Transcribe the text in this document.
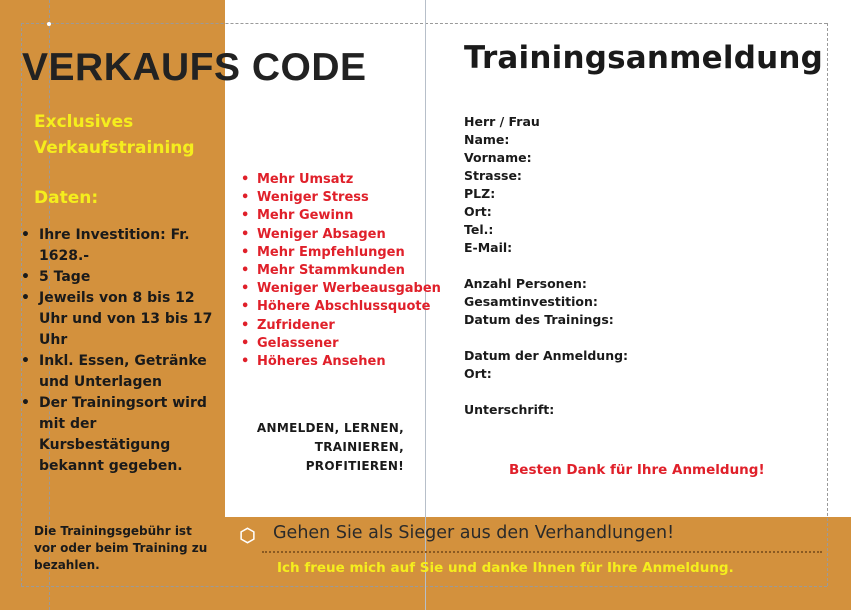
VERKAUFS CODE
Exclusives
Verkaufstraining
Daten:
• Ihre Investition: Fr. 1628.-
• 5 Tage
• Jeweils von 8 bis 12 Uhr und von 13 bis 17 Uhr
• Inkl. Essen, Getränke und Unterlagen
• Der Trainingsort wird mit der Kursbestätigung bekannt gegeben.

Die Trainingsgebühr ist vor oder beim Training zu bezahlen.

• Mehr Umsatz
• Weniger Stress
• Mehr Gewinn
• Weniger Absagen
• Mehr Empfehlungen
• Mehr Stammkunden
• Weniger Werbeausgaben
• Höhere Abschlussquote
• Zufridener
• Gelassener
• Höheres Ansehen
ANMELDEN, LERNEN,
TRAINIEREN, PROFITIEREN!
Trainingsanmeldung

Herr / Frau

Name:

Vorname:

Strasse:

PLZ:

Ort:

Tel.:

E-Mail:

Anzahl Personen:

Gesamtinvestition:

Datum des Trainings:

Datum der Anmeldung:

Ort:

Unterschrift:

Besten Dank für Ihre Anmeldung!

Gehen Sie als Sieger aus den Verhandlungen!

Ich freue mich auf Sie und danke Ihnen für Ihre Anmeldung.
